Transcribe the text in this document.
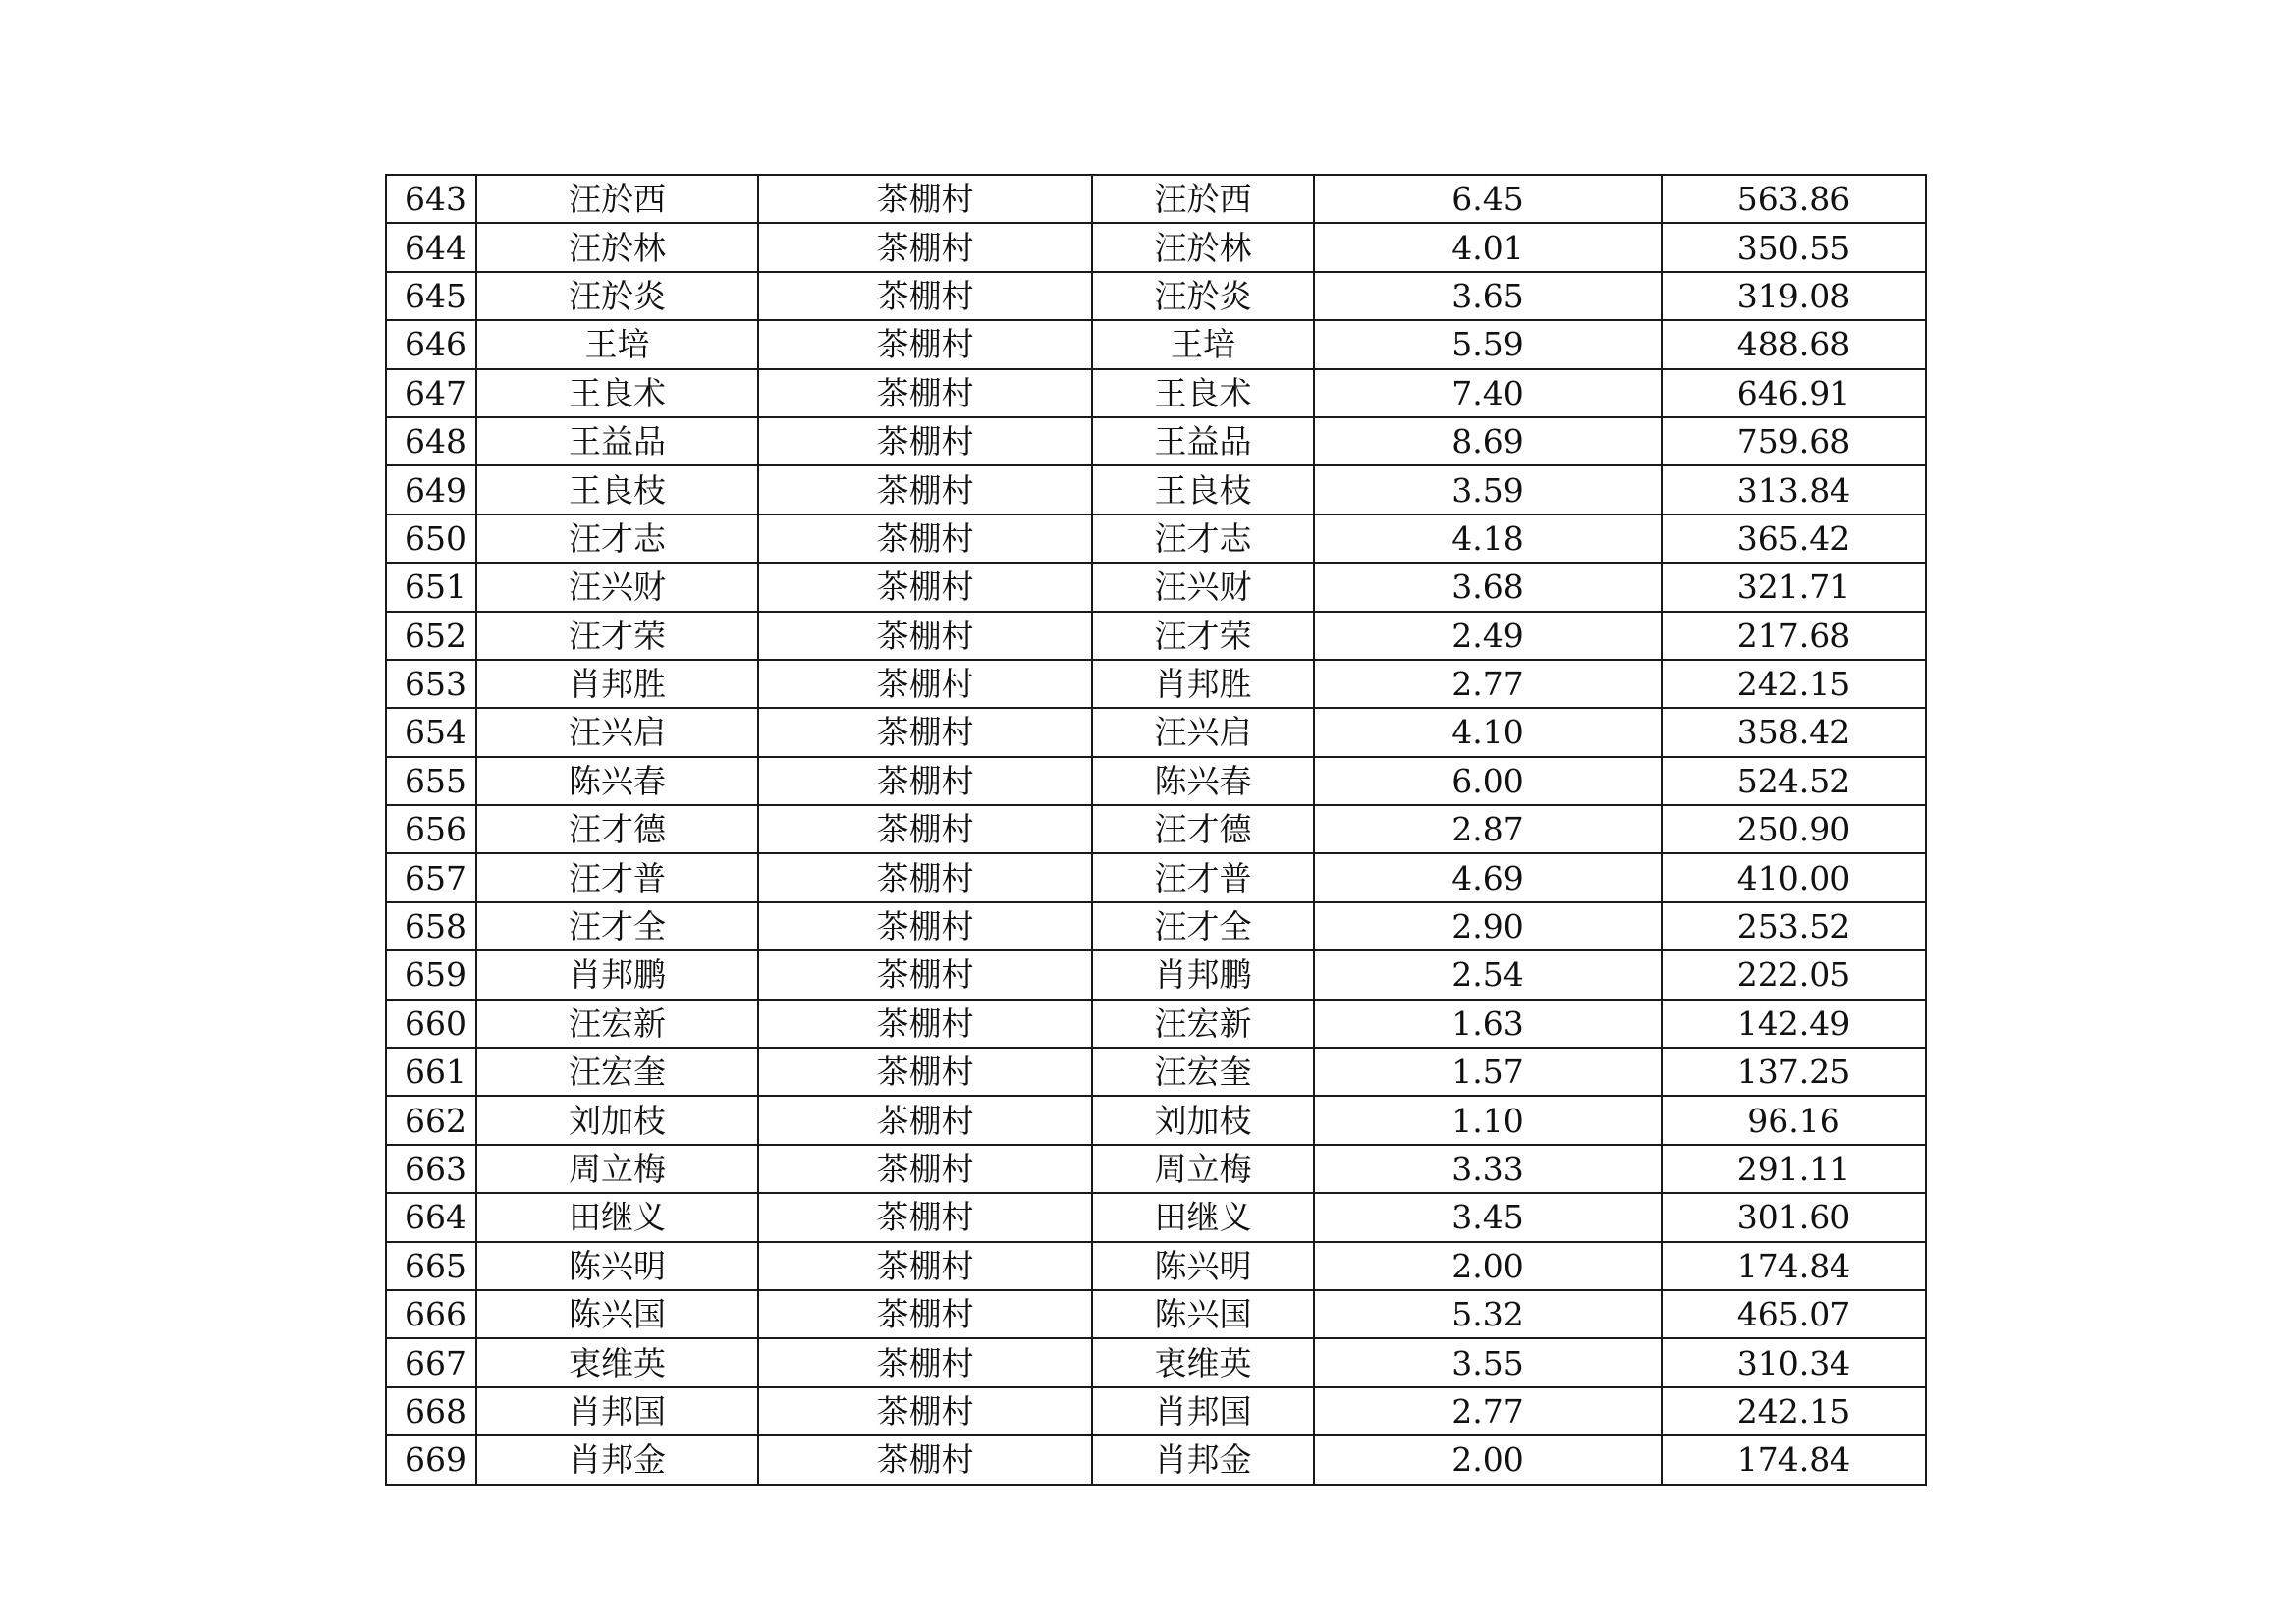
643	汪於西	茶棚村	汪於西	6.45	563.86
644	汪於林	茶棚村	汪於林	4.01	350.55
645	汪於炎	茶棚村	汪於炎	3.65	319.08
646	王培	茶棚村	王培	5.59	488.68
647	王良术	茶棚村	王良术	7.40	646.91
648	王益品	茶棚村	王益品	8.69	759.68
649	王良枝	茶棚村	王良枝	3.59	313.84
650	汪才志	茶棚村	汪才志	4.18	365.42
651	汪兴财	茶棚村	汪兴财	3.68	321.71
652	汪才荣	茶棚村	汪才荣	2.49	217.68
653	肖邦胜	茶棚村	肖邦胜	2.77	242.15
654	汪兴启	茶棚村	汪兴启	4.10	358.42
655	陈兴春	茶棚村	陈兴春	6.00	524.52
656	汪才德	茶棚村	汪才德	2.87	250.90
657	汪才普	茶棚村	汪才普	4.69	410.00
658	汪才全	茶棚村	汪才全	2.90	253.52
659	肖邦鹏	茶棚村	肖邦鹏	2.54	222.05
660	汪宏新	茶棚村	汪宏新	1.63	142.49
661	汪宏奎	茶棚村	汪宏奎	1.57	137.25
662	刘加枝	茶棚村	刘加枝	1.10	96.16
663	周立梅	茶棚村	周立梅	3.33	291.11
664	田继义	茶棚村	田继义	3.45	301.60
665	陈兴明	茶棚村	陈兴明	2.00	174.84
666	陈兴国	茶棚村	陈兴国	5.32	465.07
667	衷维英	茶棚村	衷维英	3.55	310.34
668	肖邦国	茶棚村	肖邦国	2.77	242.15
669	肖邦金	茶棚村	肖邦金	2.00	174.84
